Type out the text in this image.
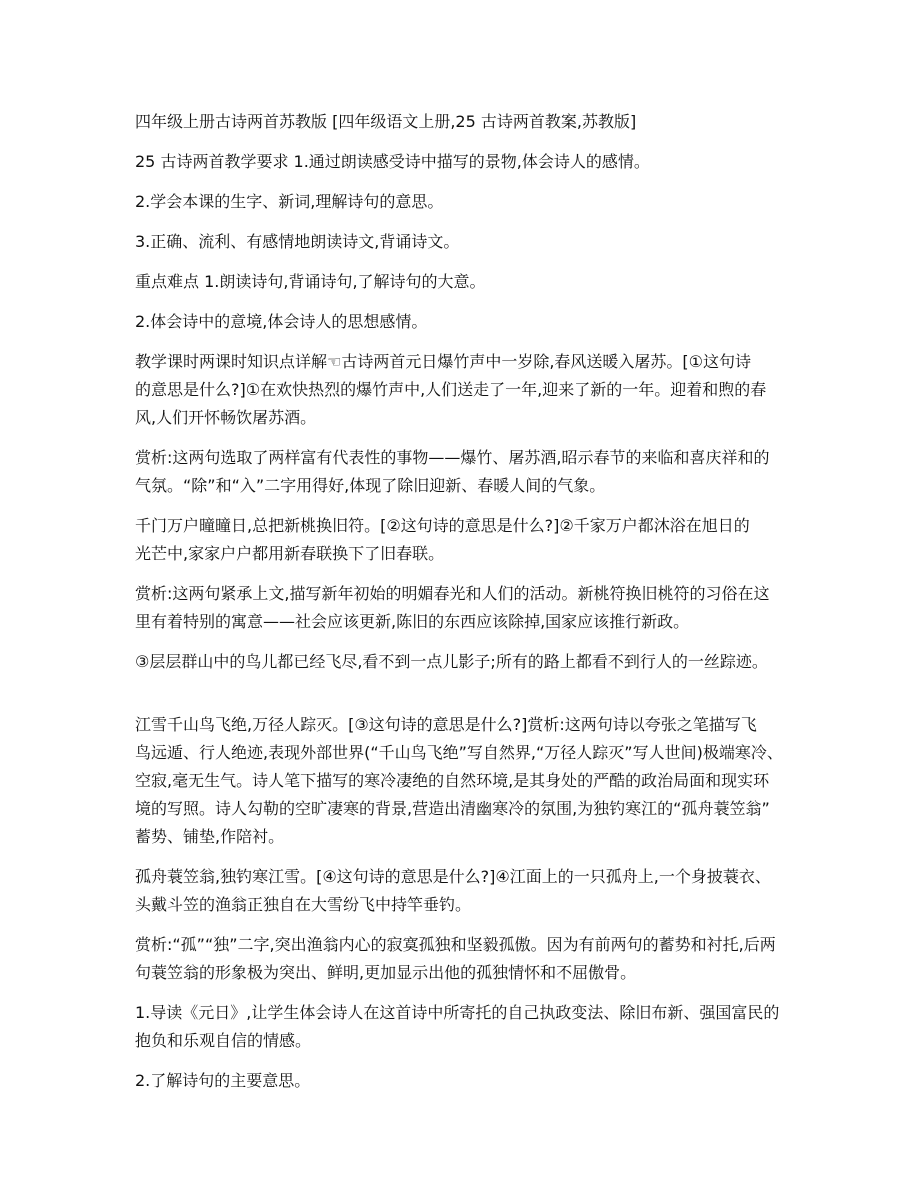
四年级上册古诗两首苏教版 [四年级语文上册,25 古诗两首教案,苏教版]

25 古诗两首教学要求 1.通过朗读感受诗中描写的景物,体会诗人的感情。

2.学会本课的生字、新词,理解诗句的意思。

3.正确、流利、有感情地朗读诗文,背诵诗文。

重点难点 1.朗读诗句,背诵诗句,了解诗句的大意。

2.体会诗中的意境,体会诗人的思想感情。

教学课时两课时知识点详解☜古诗两首元日爆竹声中一岁除,春风送暖入屠苏。[①这句诗
的意思是什么?]①在欢快热烈的爆竹声中,人们送走了一年,迎来了新的一年。迎着和煦的春
风,人们开怀畅饮屠苏酒。

赏析:这两句选取了两样富有代表性的事物——爆竹、屠苏酒,昭示春节的来临和喜庆祥和的
气氛。“除”和“入”二字用得好,体现了除旧迎新、春暖人间的气象。

千门万户曈曈日,总把新桃换旧符。[②这句诗的意思是什么?]②千家万户都沐浴在旭日的
光芒中,家家户户都用新春联换下了旧春联。

赏析:这两句紧承上文,描写新年初始的明媚春光和人们的活动。新桃符换旧桃符的习俗在这
里有着特别的寓意——社会应该更新,陈旧的东西应该除掉,国家应该推行新政。

③层层群山中的鸟儿都已经飞尽,看不到一点儿影子;所有的路上都看不到行人的一丝踪迹。

江雪千山鸟飞绝,万径人踪灭。[③这句诗的意思是什么?]赏析:这两句诗以夸张之笔描写飞
鸟远遁、行人绝迹,表现外部世界(“千山鸟飞绝”写自然界,“万径人踪灭”写人世间)极端寒冷、
空寂,毫无生气。诗人笔下描写的寒冷凄绝的自然环境,是其身处的严酷的政治局面和现实环
境的写照。诗人勾勒的空旷凄寒的背景,营造出清幽寒冷的氛围,为独钓寒江的“孤舟蓑笠翁”
蓄势、铺垫,作陪衬。

孤舟蓑笠翁,独钓寒江雪。[④这句诗的意思是什么?]④江面上的一只孤舟上,一个身披蓑衣、
头戴斗笠的渔翁正独自在大雪纷飞中持竿垂钓。

赏析:“孤”“独”二字,突出渔翁内心的寂寞孤独和坚毅孤傲。因为有前两句的蓄势和衬托,后两
句蓑笠翁的形象极为突出、鲜明,更加显示出他的孤独情怀和不屈傲骨。

1.导读《元日》,让学生体会诗人在这首诗中所寄托的自己执政变法、除旧布新、强国富民的
抱负和乐观自信的情感。

2.了解诗句的主要意思。
